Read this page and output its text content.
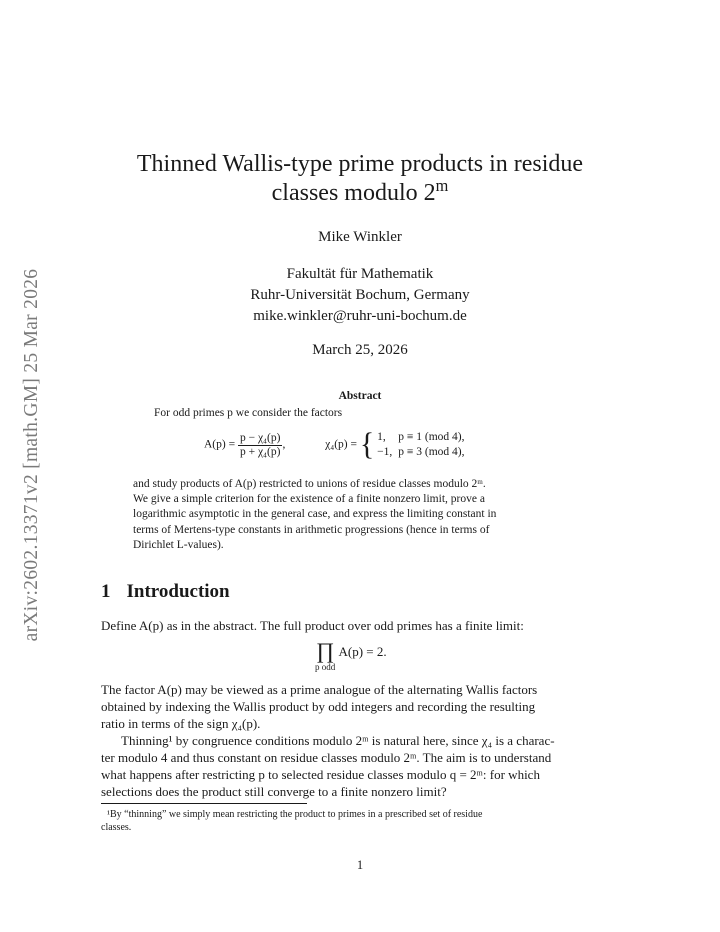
arXiv:2602.13371v2 [math.GM] 25 Mar 2026
Thinned Wallis-type prime products in residue
classes modulo 2$^m$
Mike Winkler
Fakultät für Mathematik
Ruhr-Universität Bochum, Germany
mike.winkler@ruhr-uni-bochum.de
March 25, 2026
Abstract
For odd primes p we consider the factors
$A(p) = \frac{\text{p − χ₄(p)}}{\text{p + χ₄(p)}}$ ,	χ₄(p) = { 1,	p ≡ 1 (mod 4),
−1,	p ≡ 3 (mod 4),
and study products of A(p) restricted to unions of residue classes modulo 2ᵐ.
We give a simple criterion for the existence of a finite nonzero limit, prove a
logarithmic asymptotic in the general case, and express the limiting constant in
terms of Mertens-type constants in arithmetic progressions (hence in terms of
Dirichlet L-values).
1 Introduction
Define A(p) as in the abstract. The full product over odd primes has a finite limit:
∏
p odd
A(p) = 2.
The factor A(p) may be viewed as a prime analogue of the alternating Wallis factors
obtained by indexing the Wallis product by odd integers and recording the resulting
ratio in terms of the sign χ₄(p).
Thinning¹ by congruence conditions modulo 2ᵐ is natural here, since χ₄ is a charac-
ter modulo 4 and thus constant on residue classes modulo 2ᵐ. The aim is to understand
what happens after restricting p to selected residue classes modulo q = 2ᵐ: for which
selections does the product still converge to a finite nonzero limit?
¹By “thinning” we simply mean restricting the product to primes in a prescribed set of residue
classes.
1
